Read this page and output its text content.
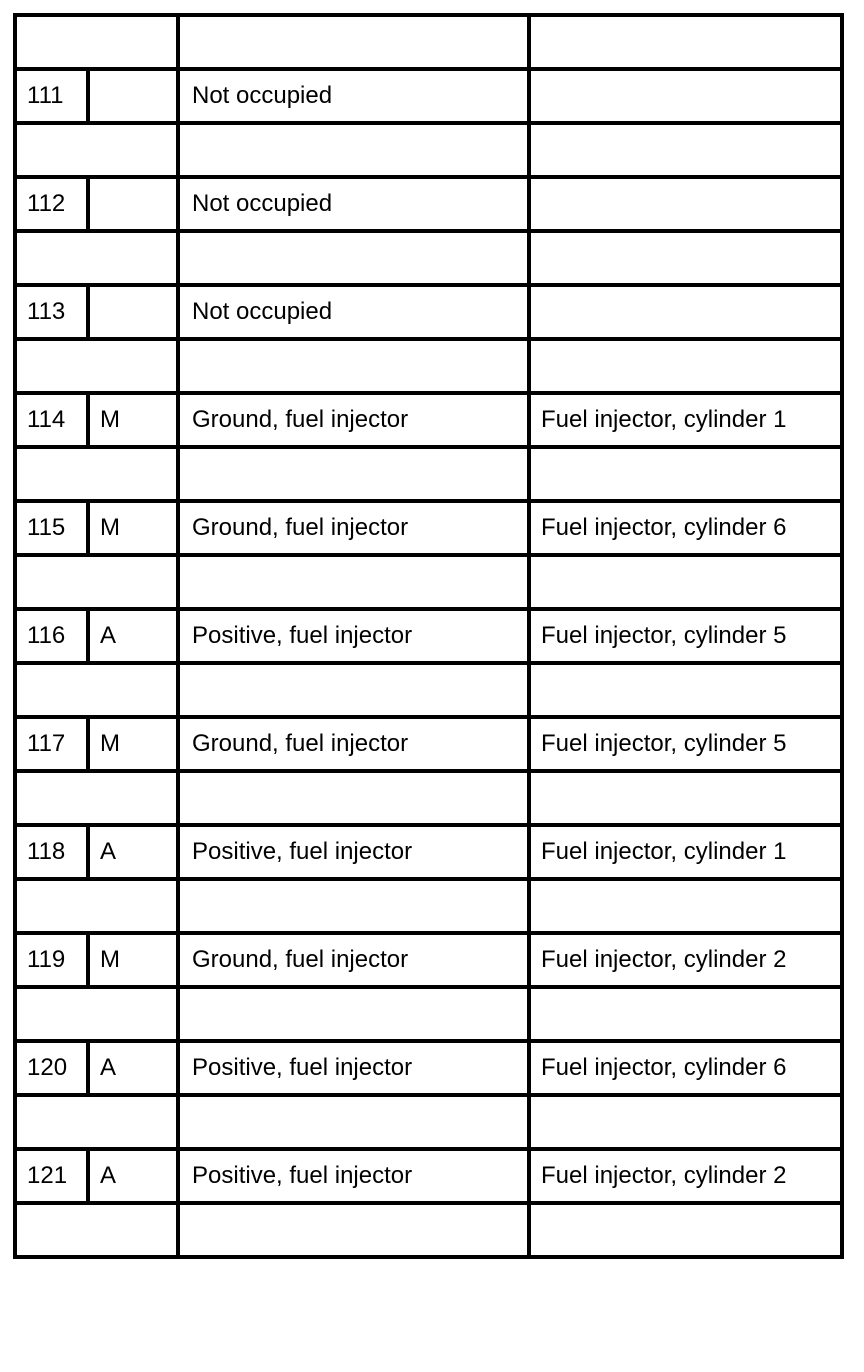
111		Not occupied	

112		Not occupied	

113		Not occupied	

114	M	Ground, fuel injector	Fuel injector, cylinder 1

115	M	Ground, fuel injector	Fuel injector, cylinder 6

116	A	Positive, fuel injector	Fuel injector, cylinder 5

117	M	Ground, fuel injector	Fuel injector, cylinder 5

118	A	Positive, fuel injector	Fuel injector, cylinder 1

119	M	Ground, fuel injector	Fuel injector, cylinder 2

120	A	Positive, fuel injector	Fuel injector, cylinder 6

121	A	Positive, fuel injector	Fuel injector, cylinder 2
